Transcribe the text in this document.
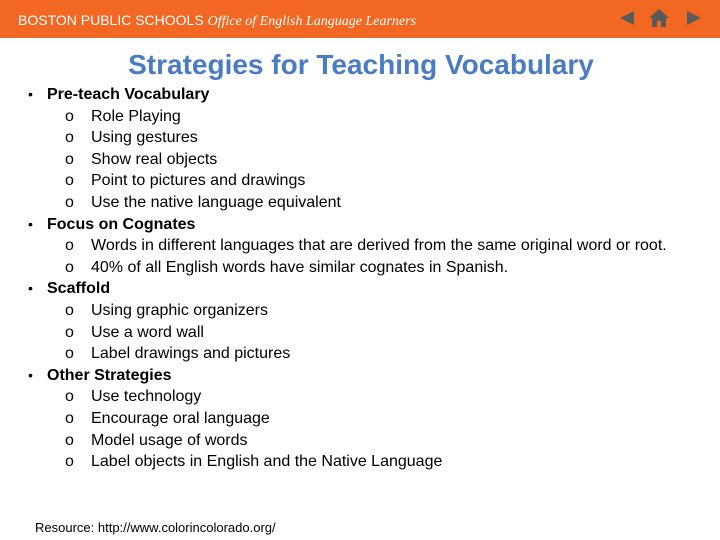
BOSTON PUBLIC SCHOOLS Office of English Language Learners
Strategies for Teaching Vocabulary
• Pre-teach Vocabulary
o Role Playing
o Using gestures
o Show real objects
o Point to pictures and drawings
o Use the native language equivalent
• Focus on Cognates
o Words in different languages that are derived from the same original word or root.
o 40% of all English words have similar cognates in Spanish.
• Scaffold
o Using graphic organizers
o Use a word wall
o Label drawings and pictures
• Other Strategies
o Use technology
o Encourage oral language
o Model usage of words
o Label objects in English and the Native Language
Resource: http://www.colorincolorado.org/
